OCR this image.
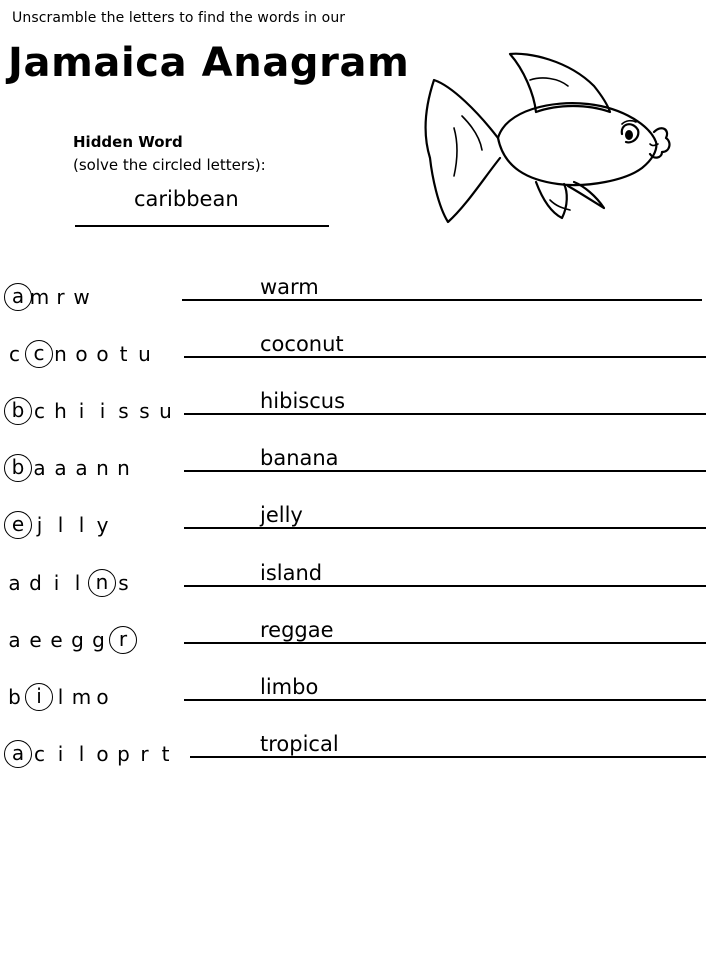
Unscramble the letters to find the words in our
Jamaica Anagram
Hidden Word
(solve the circled letters):
caribbean
a m r w	warm
c c n o o t u	coconut
b c h i i s s u	hibiscus
b a a a n n	banana
e j l l y	jelly
a d i l n s	island
a e e g g r	reggae
b i l m o	limbo
a c i l o p r t	tropical
